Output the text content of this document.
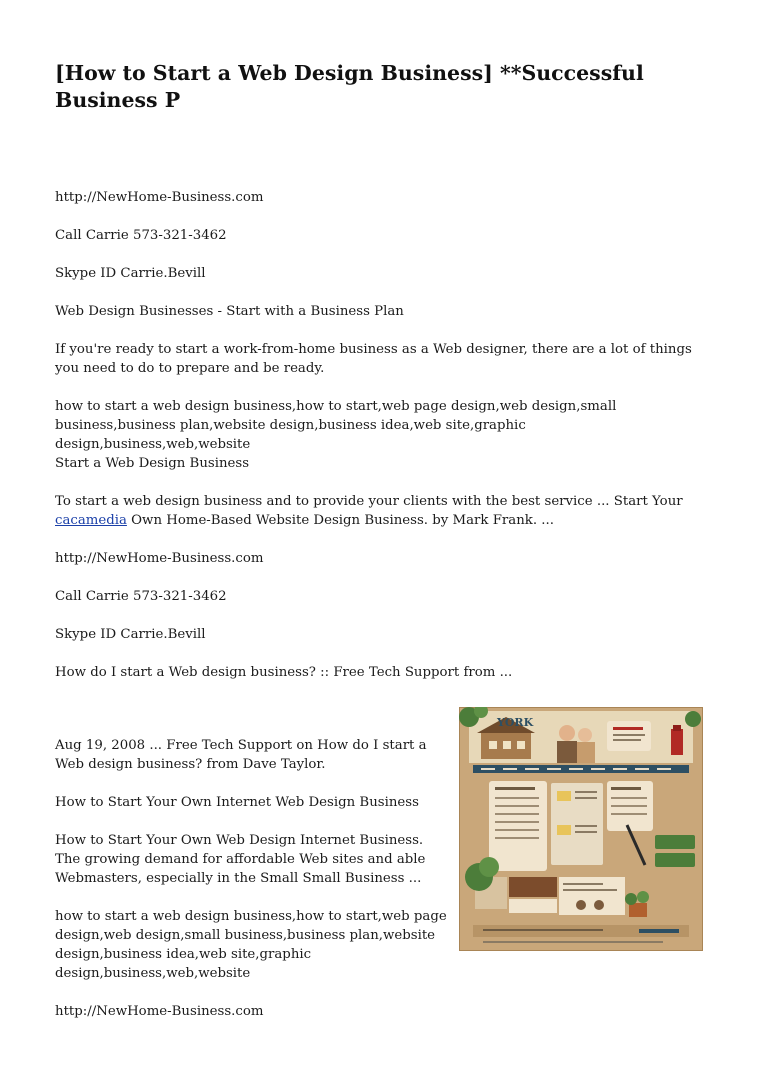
[How to Start a Web Design Business] **Successful Business P

http://NewHome-Business.com

Call Carrie 573-321-3462

Skype ID Carrie.Bevill

Web Design Businesses - Start with a Business Plan

If you're ready to start a work-from-home business as a Web designer, there are a lot of things you need to do to prepare and be ready.

how to start a web design business,how to start,web page design,web design,small business,business plan,website design,business idea,web site,graphic design,business,web,website

Start a Web Design Business

To start a web design business and to provide your clients with the best service ... Start Your cacamedia Own Home-Based Website Design Business. by Mark Frank. ...

http://NewHome-Business.com

Call Carrie 573-321-3462

Skype ID Carrie.Bevill

How do I start a Web design business? :: Free Tech Support from ...

Aug 19, 2008 ... Free Tech Support on How do I start a Web design business? from Dave Taylor.

How to Start Your Own Internet Web Design Business

How to Start Your Own Web Design Internet Business. The growing demand for affordable Web sites and able Webmasters, especially in the Small Small Business ...

how to start a web design business,how to start,web page design,web design,small business,business plan,website design,business idea,web site,graphic design,business,web,website

http://NewHome-Business.com

YORK
